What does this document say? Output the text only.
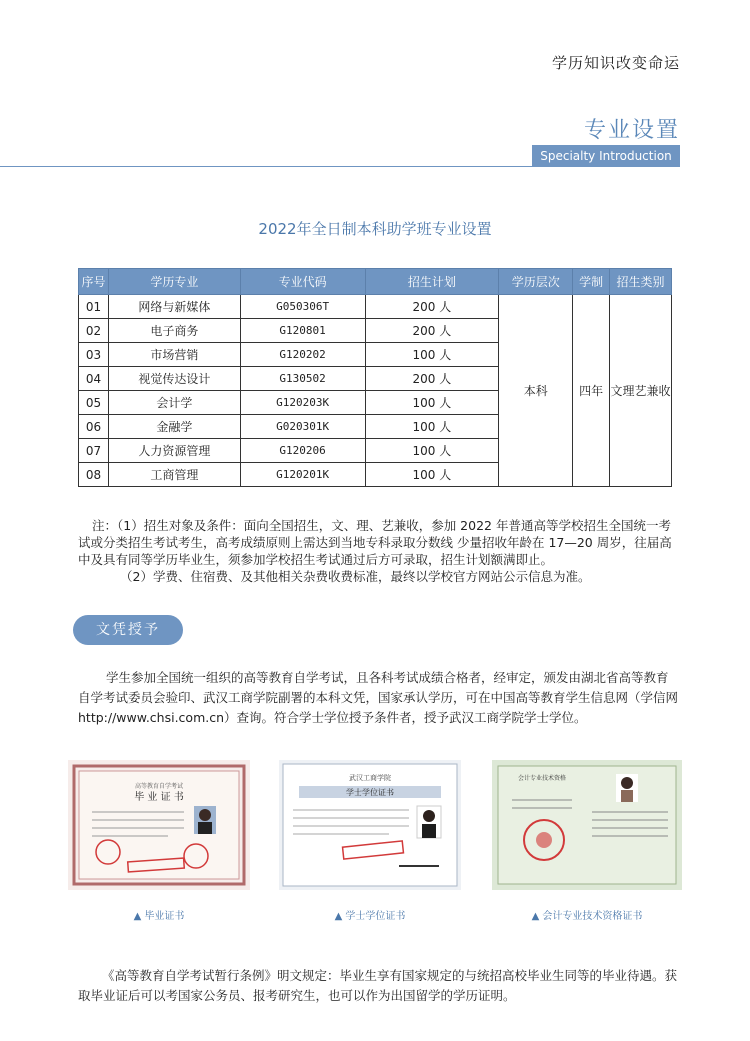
学历知识改变命运
专业设置
Specialty Introduction
2022年全日制本科助学班专业设置
序号	学历专业	专业代码	招生计划	学历层次	学制	招生类别
01	网络与新媒体	G050306T	200 人	本科	四年	文理艺兼收
02	电子商务	G120801	200 人			
03	市场营销	G120202	100 人			
04	视觉传达设计	G130502	200 人			
05	会计学	G120203K	100 人			
06	金融学	G020301K	100 人			
07	人力资源管理	G120206	100 人			
08	工商管理	G120201K	100 人			

注：（1）招生对象及条件：面向全国招生，文、理、艺兼收，参加 2022 年普通高等学校招生全国统一考试或分类招生考试考生，高考成绩原则上需达到当地专科录取分数线 少量招收年龄在 17—20 周岁，往届高中及具有同等学历毕业生，须参加学校招生考试通过后方可录取，招生计划额满即止。

（2）学费、住宿费、及其他相关杂费收费标准，最终以学校官方网站公示信息为准。

文凭授予

学生参加全国统一组织的高等教育自学考试，且各科考试成绩合格者，经审定，颁发由湖北省高等教育自学考试委员会验印、武汉工商学院副署的本科文凭，国家承认学历，可在中国高等教育学生信息网（学信网 http://www.chsi.com.cn）查询。符合学士学位授予条件者，授予武汉工商学院学士学位。

高等教育自学考试
毕 业 证 书
▲ 毕业证书
武汉工商学院
学士学位证书
▲ 学士学位证书
会计专业技术资格
▲ 会计专业技术资格证书

《高等教育自学考试暂行条例》明文规定：毕业生享有国家规定的与统招高校毕业生同等的毕业待遇。获取毕业证后可以考国家公务员、报考研究生，也可以作为出国留学的学历证明。
